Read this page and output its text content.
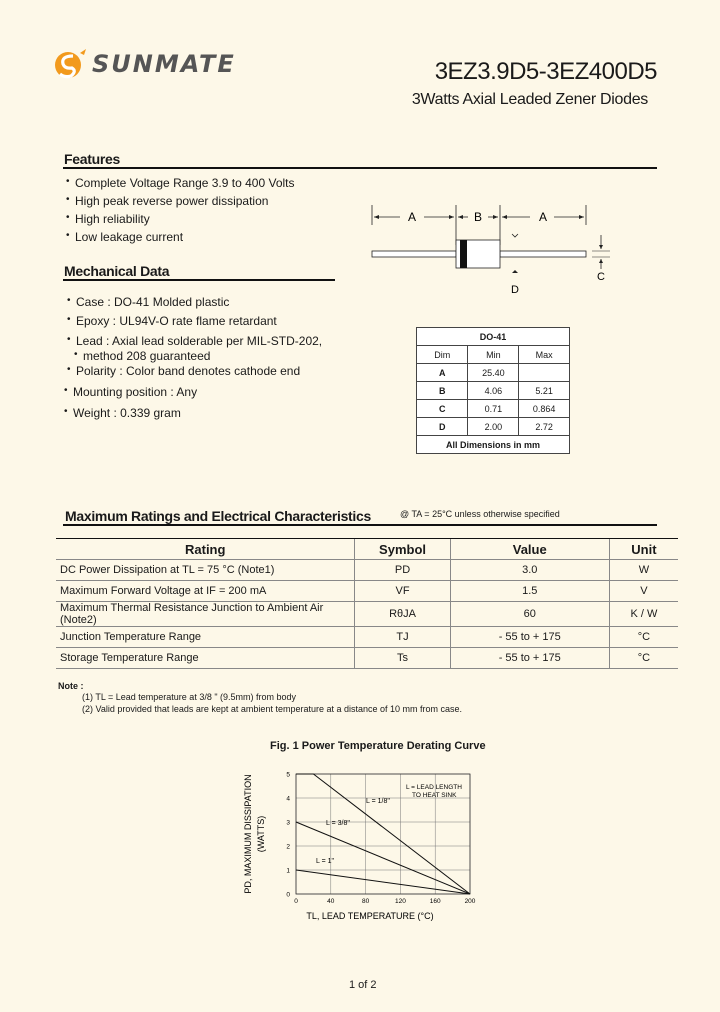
SUNMATE	3EZ3.9D5-3EZ400D5
3Watts Axial Leaded Zener Diodes
Features
• Complete Voltage Range 3.9 to 400 Volts
• High peak reverse power dissipation
• High reliability
• Low leakage current
A	B	A
D
C
Mechanical Data
• Case : DO-41 Molded plastic
• Epoxy : UL94V-O rate flame retardant
• Lead : Axial lead solderable per MIL-STD-202,
• method 208 guaranteed
• Polarity : Color band denotes cathode end
• Mounting position : Any
• Weight : 0.339 gram
DO-41		
Dim	Min	Max
A	25.40	
B	4.06	5.21
C	0.71	0.864
D	2.00	2.72
All Dimensions in mm		
Maximum Ratings and Electrical Characteristics	@ TA = 25°C unless otherwise specified
Rating	Symbol	Value	Unit
DC Power Dissipation at TL = 75 °C (Note1)	PD	3.0	W
Maximum Forward Voltage at IF = 200 mA	VF	1.5	V
Maximum Thermal Resistance Junction to Ambient Air (Note2)	RθJA	60	K / W
Junction Temperature Range	TJ	- 55 to + 175	°C
Storage Temperature Range	Ts	- 55 to + 175	°C
Note :
(1) TL = Lead temperature at 3/8 " (9.5mm) from body
(2) Valid provided that leads are kept at ambient temperature at a distance of 10 mm from case.
Fig. 1 Power Temperature Derating Curve
0	40	80	120	160	200
0
1
2
3
4
5
PD, MAXIMUM DISSIPATION (WATTS)
L = LEAD LENGTH
TO HEAT SINK
L = 1/8"
L = 3/8"
L = 1"
TL, LEAD TEMPERATURE (°C)
1 of 2
